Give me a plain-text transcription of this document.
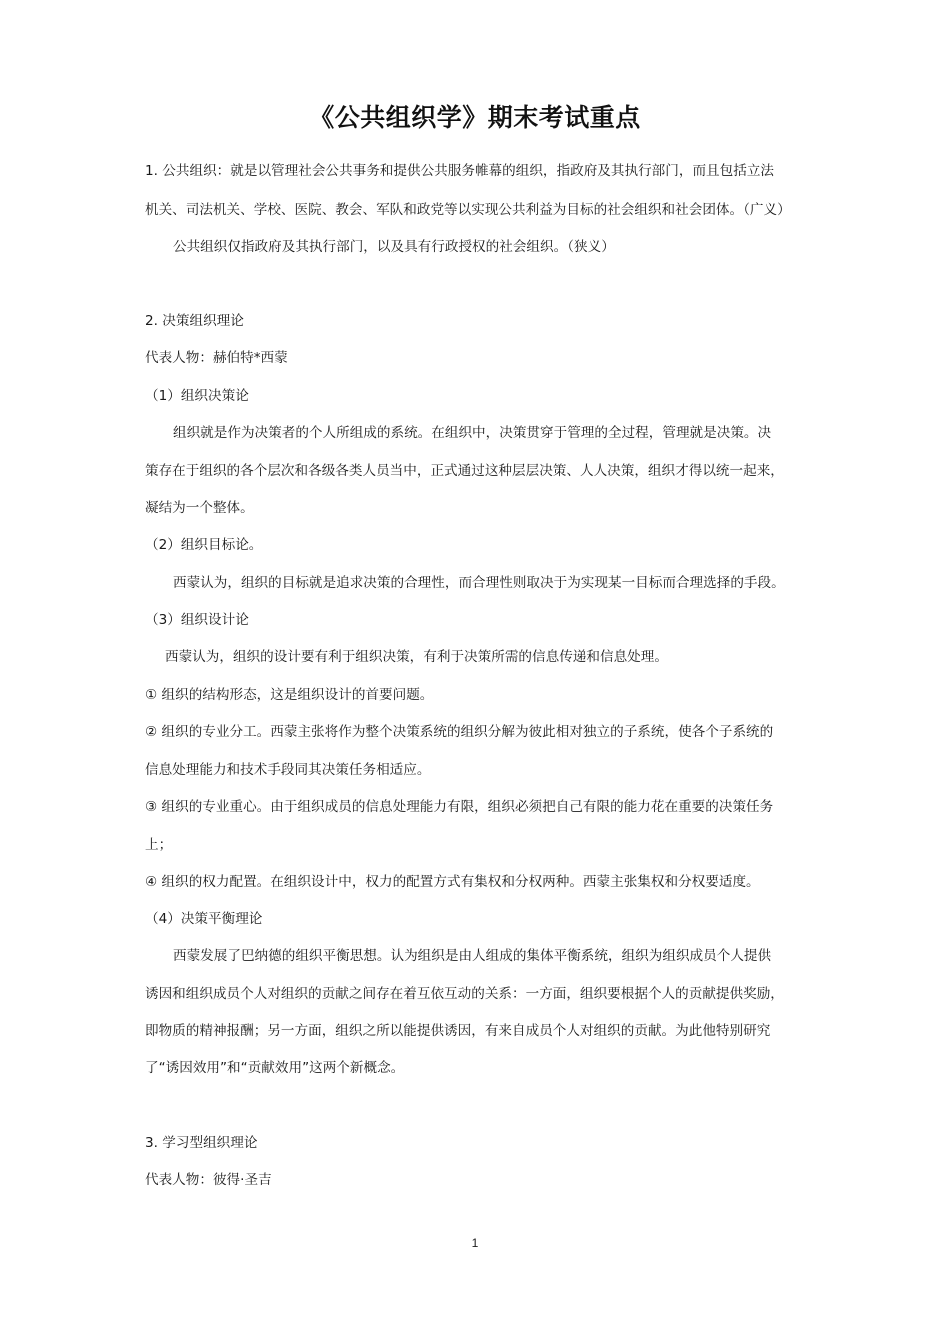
《公共组织学》期末考试重点
1. 公共组织：就是以管理社会公共事务和提供公共服务帷幕的组织，指政府及其执行部门，而且包括立法
机关、司法机关、学校、医院、教会、军队和政党等以实现公共利益为目标的社会组织和社会团体。（广义）
公共组织仅指政府及其执行部门，以及具有行政授权的社会组织。（狭义）
2. 决策组织理论
代表人物：赫伯特*西蒙
（1）组织决策论
组织就是作为决策者的个人所组成的系统。在组织中，决策贯穿于管理的全过程，管理就是决策。决
策存在于组织的各个层次和各级各类人员当中，正式通过这种层层决策、人人决策，组织才得以统一起来，
凝结为一个整体。
（2）组织目标论。
西蒙认为，组织的目标就是追求决策的合理性，而合理性则取决于为实现某一目标而合理选择的手段。
（3）组织设计论
西蒙认为，组织的设计要有利于组织决策，有利于决策所需的信息传递和信息处理。
① 组织的结构形态，这是组织设计的首要问题。
② 组织的专业分工。西蒙主张将作为整个决策系统的组织分解为彼此相对独立的子系统，使各个子系统的
信息处理能力和技术手段同其决策任务相适应。
③ 组织的专业重心。由于组织成员的信息处理能力有限，组织必须把自己有限的能力花在重要的决策任务
上；
④ 组织的权力配置。在组织设计中，权力的配置方式有集权和分权两种。西蒙主张集权和分权要适度。
（4）决策平衡理论
西蒙发展了巴纳德的组织平衡思想。认为组织是由人组成的集体平衡系统，组织为组织成员个人提供
诱因和组织成员个人对组织的贡献之间存在着互依互动的关系：一方面，组织要根据个人的贡献提供奖励，
即物质的精神报酬；另一方面，组织之所以能提供诱因，有来自成员个人对组织的贡献。为此他特别研究
了“诱因效用”和“贡献效用”这两个新概念。
3. 学习型组织理论
代表人物：彼得·圣吉
1
